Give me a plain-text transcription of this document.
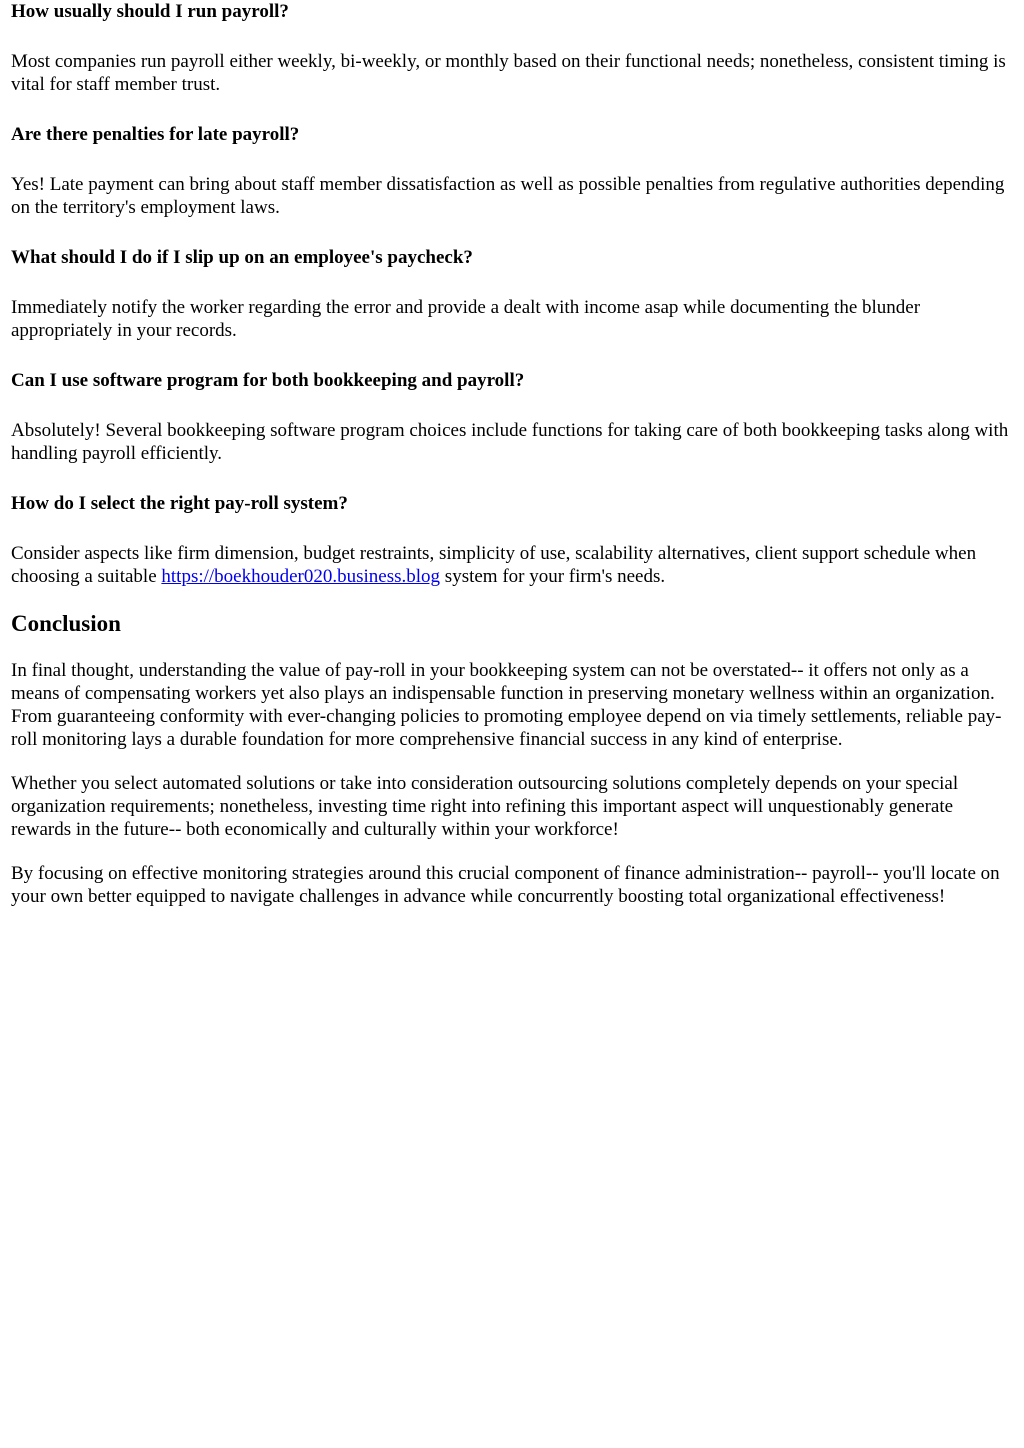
How usually should I run payroll?

Most companies run payroll either weekly, bi-weekly, or monthly based on their functional needs; nonetheless, consistent timing is vital for staff member trust.

Are there penalties for late payroll?

Yes! Late payment can bring about staff member dissatisfaction as well as possible penalties from regulative authorities depending on the territory's employment laws.

What should I do if I slip up on an employee's paycheck?

Immediately notify the worker regarding the error and provide a dealt with income asap while documenting the blunder appropriately in your records.

Can I use software program for both bookkeeping and payroll?

Absolutely! Several bookkeeping software program choices include functions for taking care of both bookkeeping tasks along with handling payroll efficiently.

How do I select the right pay-roll system?

Consider aspects like firm dimension, budget restraints, simplicity of use, scalability alternatives, client support schedule when choosing a suitable https://boekhouder020.business.blog system for your firm's needs.

Conclusion

In final thought, understanding the value of pay-roll in your bookkeeping system can not be overstated-- it offers not only as a means of compensating workers yet also plays an indispensable function in preserving monetary wellness within an organization. From guaranteeing conformity with ever-changing policies to promoting employee depend on via timely settlements, reliable pay-roll monitoring lays a durable foundation for more comprehensive financial success in any kind of enterprise.

Whether you select automated solutions or take into consideration outsourcing solutions completely depends on your special organization requirements; nonetheless, investing time right into refining this important aspect will unquestionably generate rewards in the future-- both economically and culturally within your workforce!

By focusing on effective monitoring strategies around this crucial component of finance administration-- payroll-- you'll locate on your own better equipped to navigate challenges in advance while concurrently boosting total organizational effectiveness!
